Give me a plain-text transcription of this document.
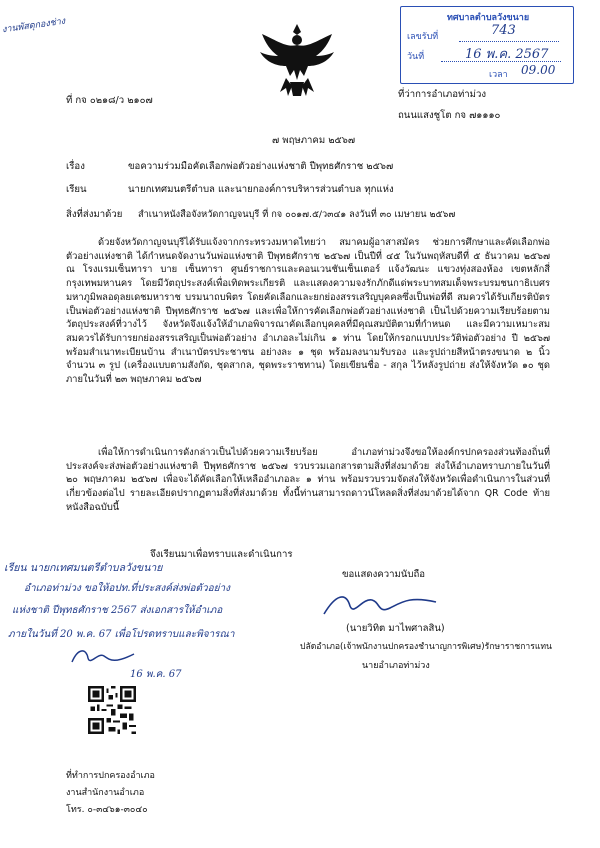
งานพัสดุกองช่าง	ทศบาลตำบลวังขนาย
เลขรับที่	743
วันที่	16 พ.ค. 2567
เวลา 09.00
ที่ กจ ๐๒๑๘/ว ๒๑๐๗
ที่ว่าการอำเภอท่าม่วง
ถนนแสงชูโต กจ ๗๑๑๑๐
๗ พฤษภาคม ๒๕๖๗
เรื่อง	ขอความร่วมมือคัดเลือกพ่อตัวอย่างแห่งชาติ ปีพุทธศักราช ๒๕๖๗
เรียน	นายกเทศมนตรีตำบล และนายกองค์การบริหารส่วนตำบล ทุกแห่ง
สิ่งที่ส่งมาด้วย สำเนาหนังสือจังหวัดกาญจนบุรี ที่ กจ ๐๐๑๗.๕/ว๓๔๑ ลงวันที่ ๓๐ เมษายน ๒๕๖๗
ด้วยจังหวัดกาญจนบุรีได้รับแจ้งจากกระทรวงมหาดไทยว่า สมาคมผู้อาสาสมัคร ช่วยการศึกษาและคัดเลือกพ่อตัวอย่างแห่งชาติ ได้กำหนดจัดงานวันพ่อแห่งชาติ ปีพุทธศักราช ๒๕๖๗ เป็นปีที่ ๔๕ ในวันพฤหัสบดีที่ ๕ ธันวาคม ๒๕๖๗ ณ โรงแรมเซ็นทารา บาย เซ็นทารา ศูนย์ราชการและคอนเวนชันเซ็นเตอร์ แจ้งวัฒนะ แขวงทุ่งสองห้อง เขตหลักสี่ กรุงเทพมหานคร โดยมีวัตถุประสงค์เพื่อเทิดพระเกียรติ และแสดงความจงรักภักดีแด่พระบาทสมเด็จพระบรมชนกาธิเบศร มหาภูมิพลอดุลยเดชมหาราช บรมนาถบพิตร โดยคัดเลือกและยกย่องสรรเสริญบุคคลซึ่งเป็นพ่อที่ดี สมควรได้รับเกียรติบัตรเป็นพ่อตัวอย่างแห่งชาติ ปีพุทธศักราช ๒๕๖๗ และเพื่อให้การคัดเลือกพ่อตัวอย่างแห่งชาติ เป็นไปด้วยความเรียบร้อยตามวัตถุประสงค์ที่วางไว้ จังหวัดจึงแจ้งให้อำเภอพิจารณาคัดเลือกบุคคลที่มีคุณสมบัติตามที่กำหนด และมีความเหมาะสม สมควรได้รับการยกย่องสรรเสริญเป็นพ่อตัวอย่าง อำเภอละไม่เกิน ๑ ท่าน โดยให้กรอกแบบประวัติพ่อตัวอย่าง ปี ๒๕๖๗ พร้อมสำเนาทะเบียนบ้าน สำเนาบัตรประชาชน อย่างละ ๑ ชุด พร้อมลงนามรับรอง และรูปถ่ายสีหน้าตรงขนาด ๒ นิ้ว จำนวน ๓ รูป (เครื่องแบบตามสังกัด, ชุดสากล, ชุดพระราชทาน) โดยเขียนชื่อ - สกุล ไว้หลังรูปถ่าย ส่งให้จังหวัด ๑๐ ชุด ภายในวันที่ ๒๓ พฤษภาคม ๒๕๖๗
เพื่อให้การดำเนินการดังกล่าวเป็นไปด้วยความเรียบร้อย อำเภอท่าม่วงจึงขอให้องค์กรปกครองส่วนท้องถิ่นที่ประสงค์จะส่งพ่อตัวอย่างแห่งชาติ ปีพุทธศักราช ๒๕๖๗ รวบรวมเอกสารตามสิ่งที่ส่งมาด้วย ส่งให้อำเภอทราบภายในวันที่ ๒๐ พฤษภาคม ๒๕๖๗ เพื่อจะได้คัดเลือกให้เหลืออำเภอละ ๑ ท่าน พร้อมรวบรวมจัดส่งให้จังหวัดเพื่อดำเนินการในส่วนที่เกี่ยวข้องต่อไป รายละเอียดปรากฏตามสิ่งที่ส่งมาด้วย ทั้งนี้ท่านสามารถดาวน์โหลดสิ่งที่ส่งมาด้วยได้จาก QR Code ท้ายหนังสือฉบับนี้
จึงเรียนมาเพื่อทราบและดำเนินการ
ขอแสดงความนับถือ
เรียน นายกเทศมนตรีตำบลวังขนาย
อำเภอท่าม่วง ขอให้อปท.ที่ประสงค์ส่งพ่อตัวอย่าง
แห่งชาติ ปีพุทธศักราช 2567 ส่งเอกสารให้อำเภอ
ภายในวันที่ 20 พ.ค. 67 เพื่อโปรดทราบและพิจารณา
16 พ.ค. 67
(นายวิทิต มาไพศาลสิน)
ปลัดอำเภอ(เจ้าพนักงานปกครองชำนาญการพิเศษ)รักษาราชการแทน
นายอำเภอท่าม่วง
ที่ทำการปกครองอำเภอ
งานสำนักงานอำเภอ
โทร. ๐-๓๔๖๑-๓๐๔๐
